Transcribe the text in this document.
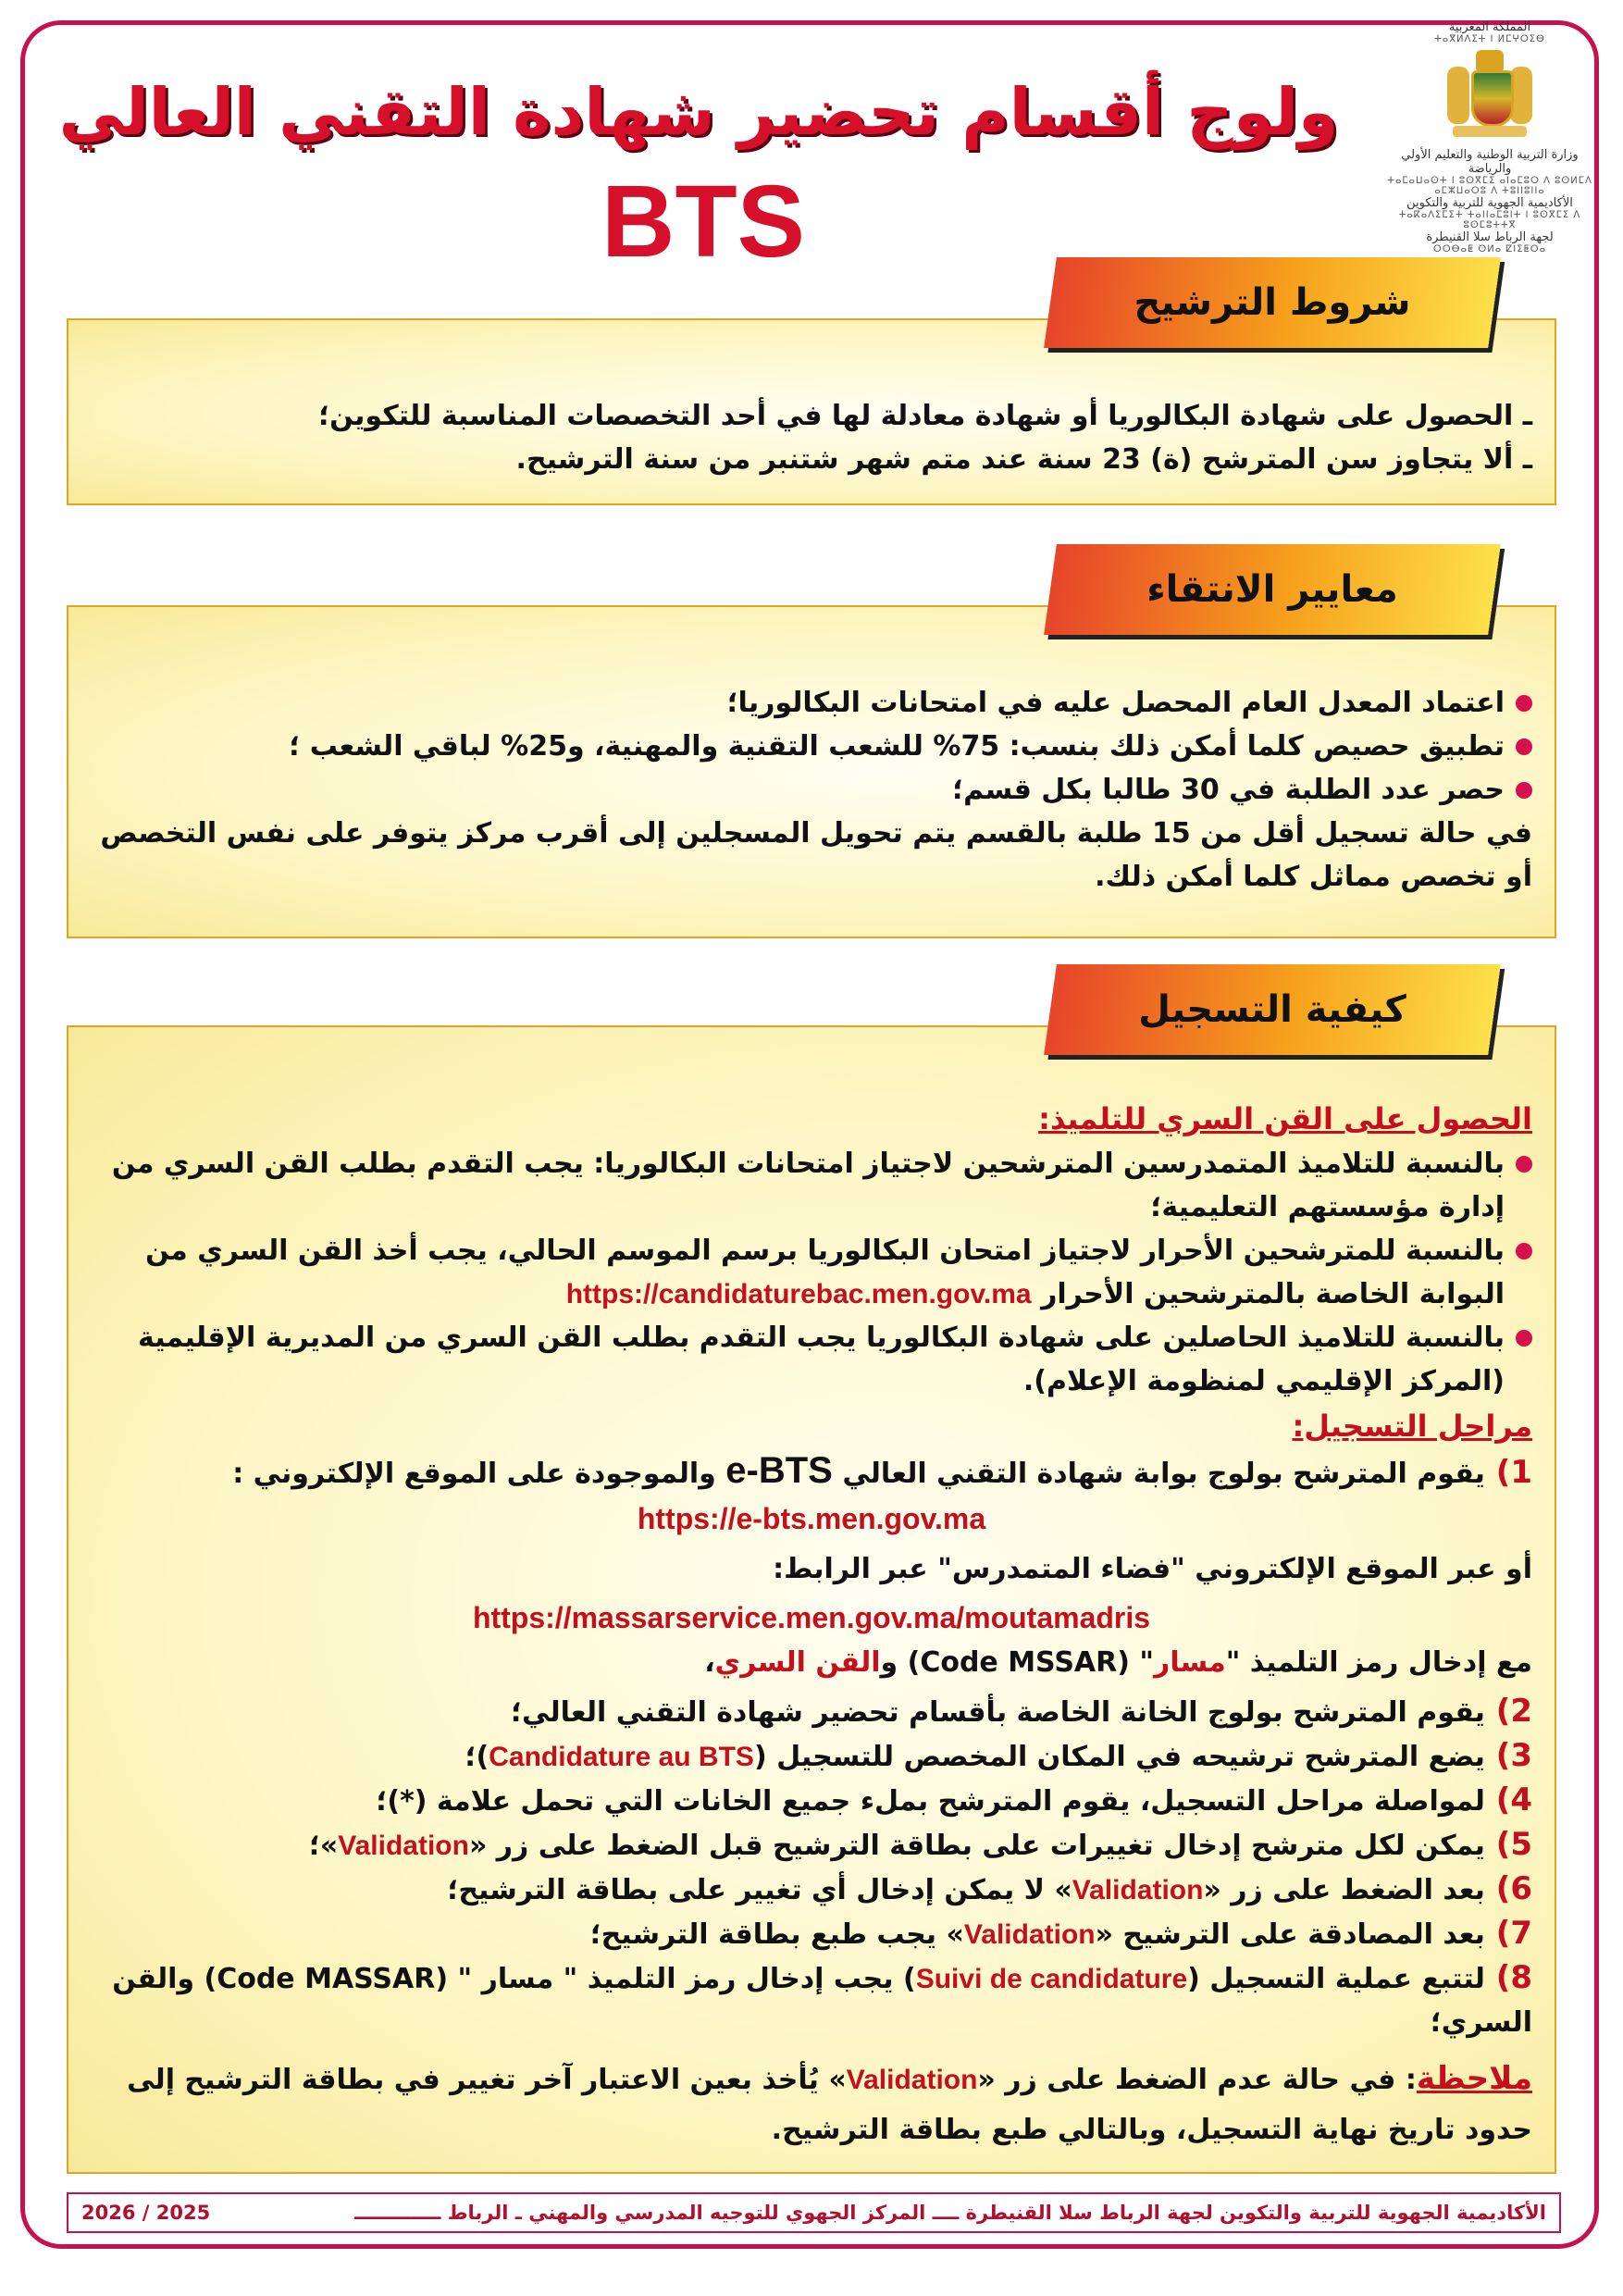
المملكة المغربية
ⵜⴰⴳⵍⴷⵉⵜ ⵏ ⵍⵎⵖⵔⵉⴱ
وزارة التربية الوطنية والتعليم الأولي والرياضة
ⵜⴰⵎⴰⵡⴰⵙⵜ ⵏ ⵓⵙⴳⵎⵉ ⴰⵏⴰⵎⵓⵔ ⴷ ⵓⵙⵍⵎⴷ ⴰⵎⵣⵡⴰⵔⵓ ⴷ ⵜⵓⵏⵏⵓⵏⵏⴰ
الأكاديمية الجهوية للتربية والتكوين
ⵜⴰⴽⴰⴷⵉⵎⵉⵜ ⵜⴰⵏⵏⴰⵎⵓⵏⵜ ⵏ ⵓⵙⴳⵎⵉ ⴷ ⵓⵙⵎⵓⵜⵜⴳ
لجهة الرباط سلا القنيطرة
ⵔⵔⴱⴰⵟ ⵙⵍⴰ ⵇⵏⵉⵟⵔⴰ
ولوج أقسام تحضير شهادة التقني العالي
BTS
شروط الترشيح
ـ الحصول على شهادة البكالوريا أو شهادة معادلة لها في أحد التخصصات المناسبة للتكوين؛
ـ ألا يتجاوز سن المترشح (ة) 23 سنة عند متم شهر شتنبر من سنة الترشيح.
معايير الانتقاء
اعتماد المعدل العام المحصل عليه في امتحانات البكالوريا؛
تطبيق حصيص كلما أمكن ذلك بنسب: 75% للشعب التقنية والمهنية، و25% لباقي الشعب ؛
حصر عدد الطلبة في 30 طالبا بكل قسم؛
في حالة تسجيل أقل من 15 طلبة بالقسم يتم تحويل المسجلين إلى أقرب مركز يتوفر على نفس التخصص أو تخصص مماثل كلما أمكن ذلك.
كيفية التسجيل
الحصول على القن السري للتلميذ:
بالنسبة للتلاميذ المتمدرسين المترشحين لاجتياز امتحانات البكالوريا: يجب التقدم بطلب القن السري من إدارة مؤسستهم التعليمية؛
بالنسبة للمترشحين الأحرار لاجتياز امتحان البكالوريا برسم الموسم الحالي، يجب أخذ القن السري من البوابة الخاصة بالمترشحين الأحرار https://candidaturebac.men.gov.ma
بالنسبة للتلاميذ الحاصلين على شهادة البكالوريا يجب التقدم بطلب القن السري من المديرية الإقليمية (المركز الإقليمي لمنظومة الإعلام).
مراحل التسجيل:
1) يقوم المترشح بولوج بوابة شهادة التقني العالي e-BTS والموجودة على الموقع الإلكتروني :
https://e-bts.men.gov.ma
أو عبر الموقع الإلكتروني "فضاء المتمدرس" عبر الرابط:
https://massarservice.men.gov.ma/moutamadris
مع إدخال رمز التلميذ "مسار" (Code MSSAR) والقن السري،
2) يقوم المترشح بولوج الخانة الخاصة بأقسام تحضير شهادة التقني العالي؛
3) يضع المترشح ترشيحه في المكان المخصص للتسجيل (Candidature au BTS)؛
4) لمواصلة مراحل التسجيل، يقوم المترشح بملء جميع الخانات التي تحمل علامة (*)؛
5) يمكن لكل مترشح إدخال تغييرات على بطاقة الترشيح قبل الضغط على زر «Validation»؛
6) بعد الضغط على زر «Validation» لا يمكن إدخال أي تغيير على بطاقة الترشيح؛
7) بعد المصادقة على الترشيح «Validation» يجب طبع بطاقة الترشيح؛
8) لتتبع عملية التسجيل (Suivi de candidature) يجب إدخال رمز التلميذ " مسار " (Code MASSAR) والقن السري؛
ملاحظة: في حالة عدم الضغط على زر «Validation» يُأخذ بعين الاعتبار آخر تغيير في بطاقة الترشيح إلى حدود تاريخ نهاية التسجيل، وبالتالي طبع بطاقة الترشيح.
الأكاديمية الجهوية للتربية والتكوين لجهة الرباط سلا القنيطرة ــــ المركز الجهوي للتوجيه المدرسي والمهني ـ الرباط ـــــــــــــ
2026 / 2025
